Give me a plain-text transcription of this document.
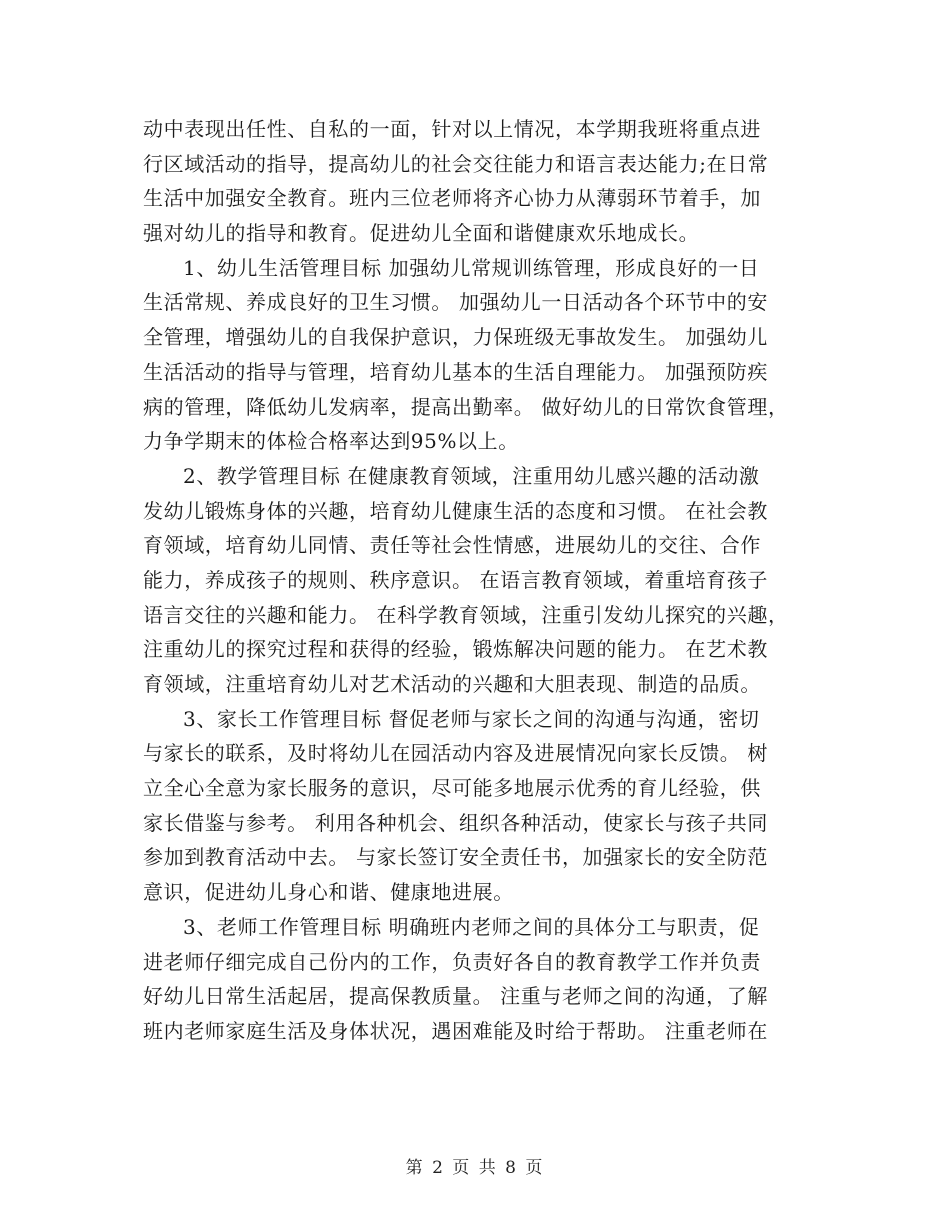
动中表现出任性、自私的一面，针对以上情况，本学期我班将重点进
行区域活动的指导，提高幼儿的社会交往能力和语言表达能力;在日常
生活中加强安全教育。班内三位老师将齐心协力从薄弱环节着手，加
强对幼儿的指导和教育。促进幼儿全面和谐健康欢乐地成长。
1、幼儿生活管理目标 加强幼儿常规训练管理，形成良好的一日
生活常规、养成良好的卫生习惯。 加强幼儿一日活动各个环节中的安
全管理，增强幼儿的自我保护意识，力保班级无事故发生。 加强幼儿
生活活动的指导与管理，培育幼儿基本的生活自理能力。 加强预防疾
病的管理，降低幼儿发病率，提高出勤率。 做好幼儿的日常饮食管理，
力争学期末的体检合格率达到95%以上。
2、教学管理目标 在健康教育领域，注重用幼儿感兴趣的活动激
发幼儿锻炼身体的兴趣，培育幼儿健康生活的态度和习惯。 在社会教
育领域，培育幼儿同情、责任等社会性情感，进展幼儿的交往、合作
能力，养成孩子的规则、秩序意识。 在语言教育领域，着重培育孩子
语言交往的兴趣和能力。 在科学教育领域，注重引发幼儿探究的兴趣，
注重幼儿的探究过程和获得的经验，锻炼解决问题的能力。 在艺术教
育领域，注重培育幼儿对艺术活动的兴趣和大胆表现、制造的品质。
3、家长工作管理目标 督促老师与家长之间的沟通与沟通，密切
与家长的联系，及时将幼儿在园活动内容及进展情况向家长反馈。 树
立全心全意为家长服务的意识，尽可能多地展示优秀的育儿经验，供
家长借鉴与参考。 利用各种机会、组织各种活动，使家长与孩子共同
参加到教育活动中去。 与家长签订安全责任书，加强家长的安全防范
意识，促进幼儿身心和谐、健康地进展。
3、老师工作管理目标 明确班内老师之间的具体分工与职责，促
进老师仔细完成自己份内的工作，负责好各自的教育教学工作并负责
好幼儿日常生活起居，提高保教质量。 注重与老师之间的沟通，了解
班内老师家庭生活及身体状况，遇困难能及时给于帮助。 注重老师在
第 2 页 共 8 页
